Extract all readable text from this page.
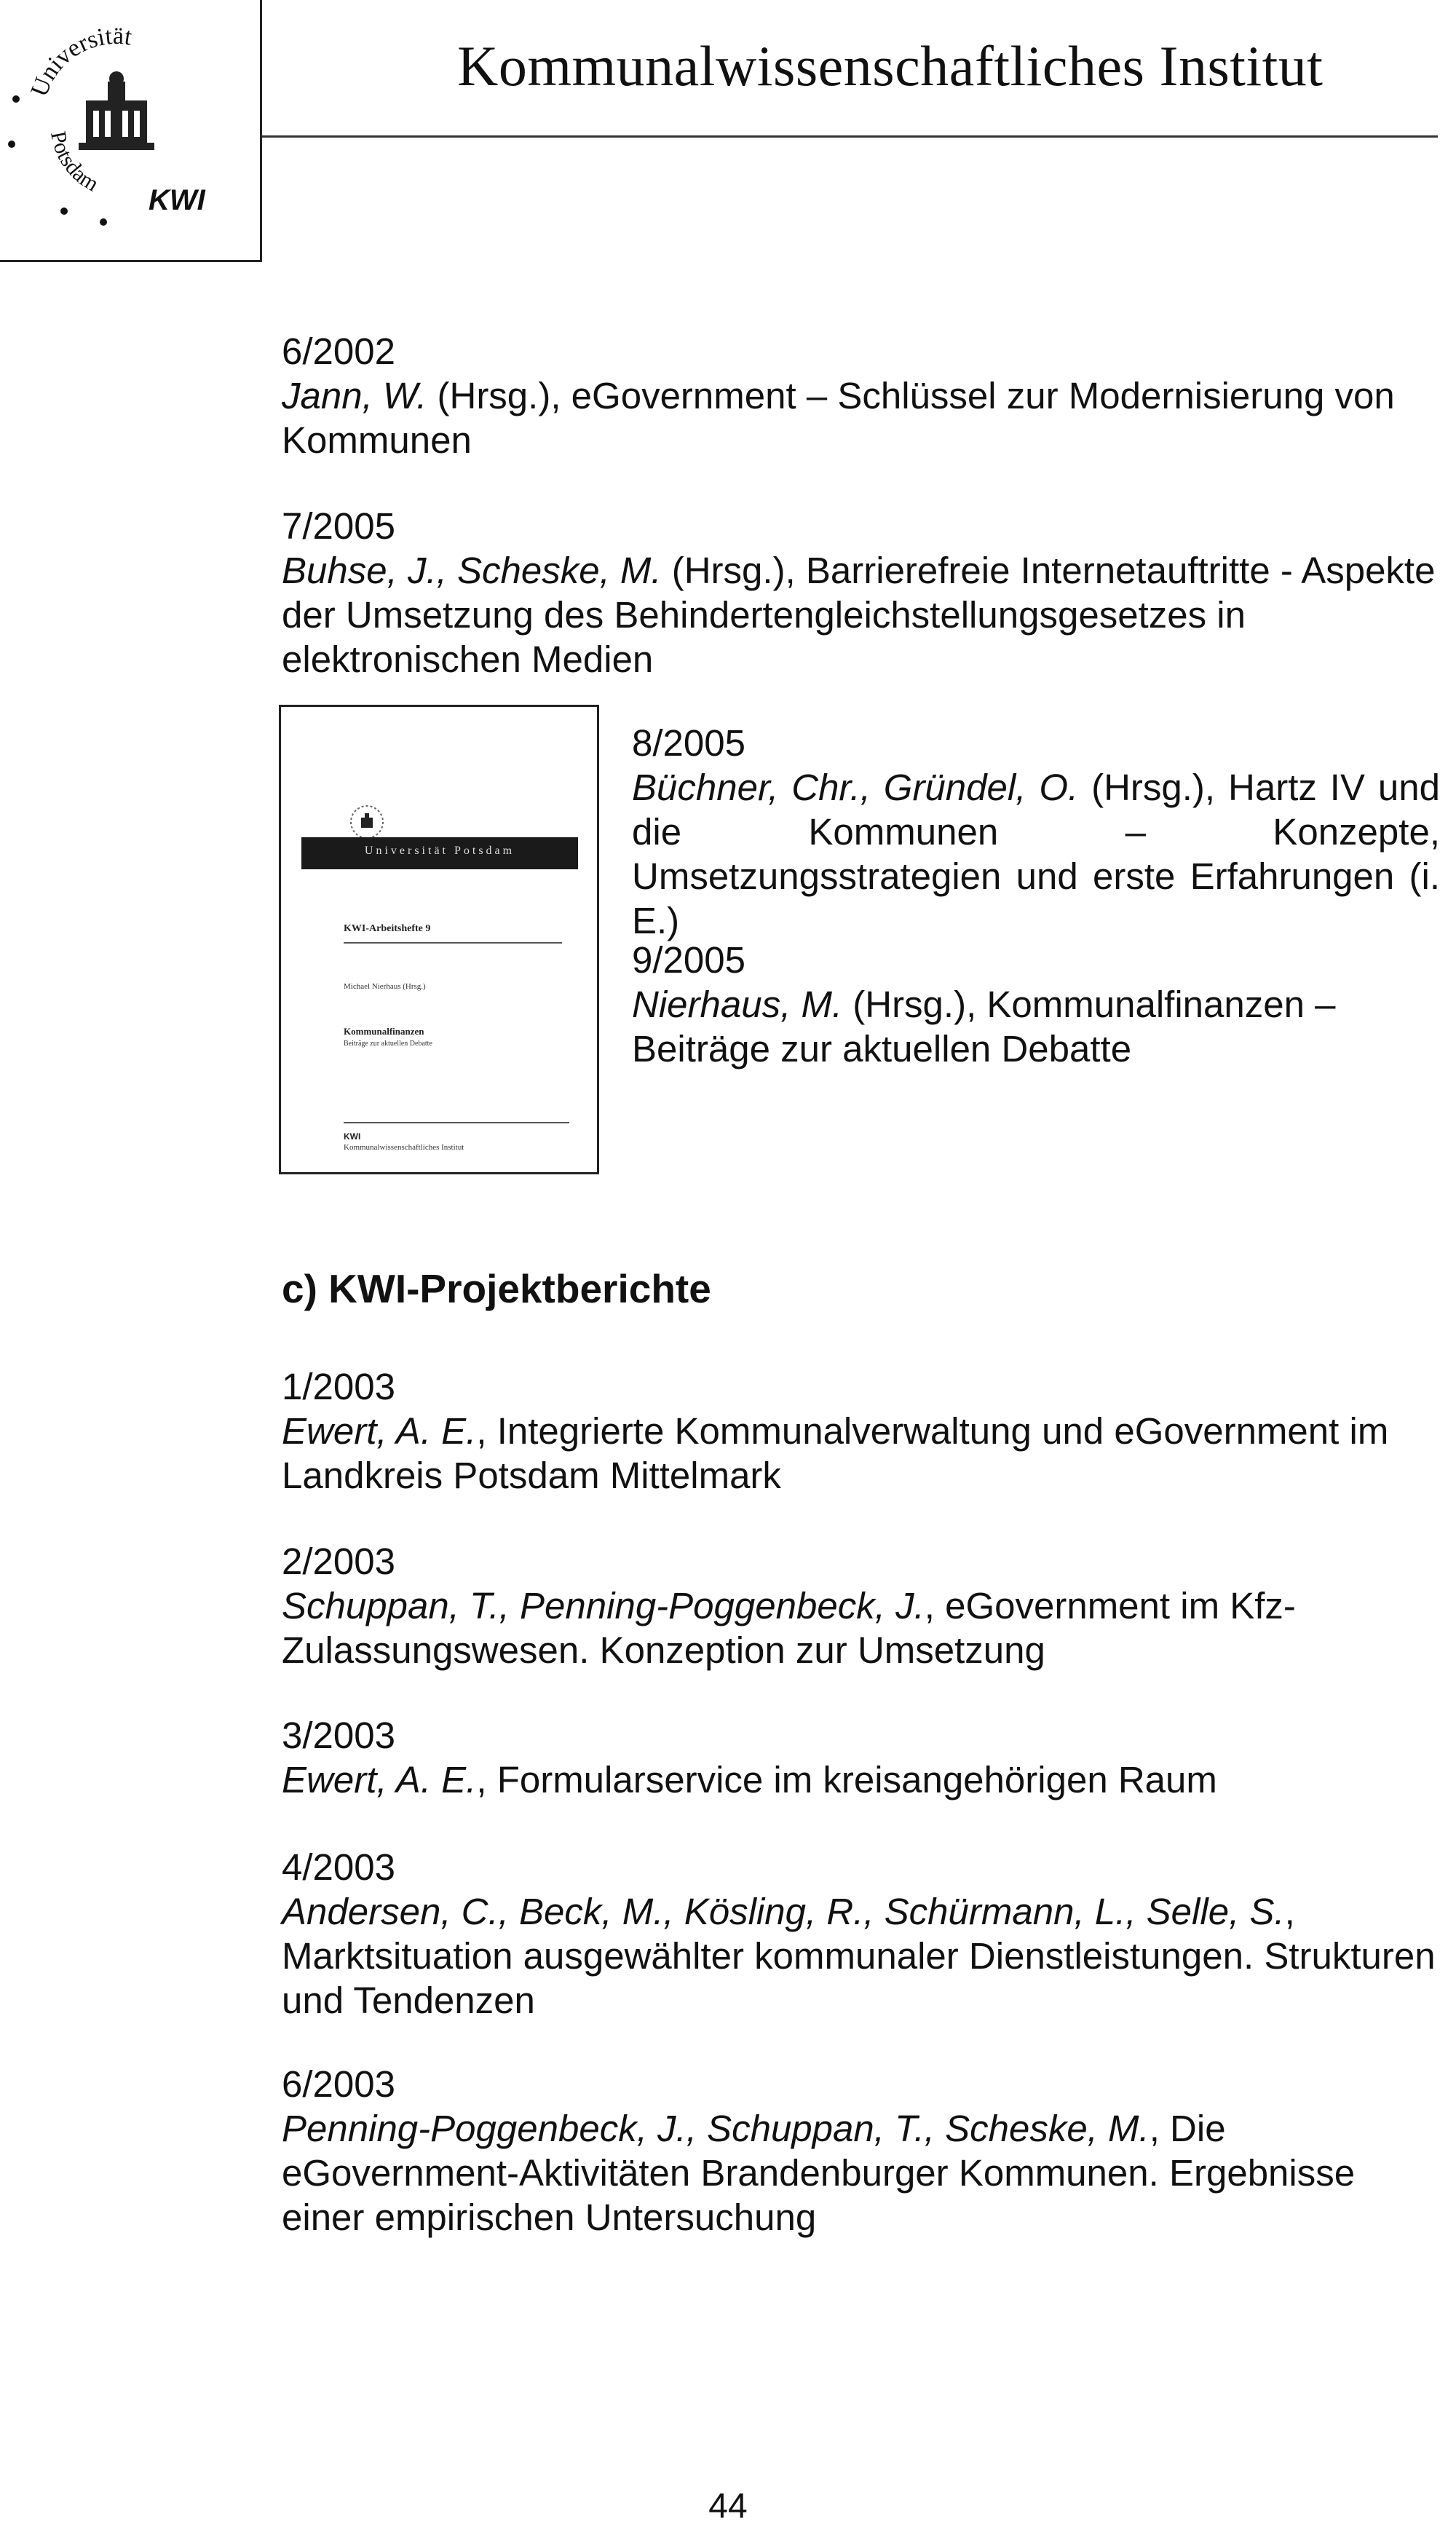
Universität
Potsdam
KWI
Kommunalwissenschaftliches Institut
6/2002
Jann, W. (Hrsg.), eGovernment – Schlüssel zur Modernisierung von Kommunen
7/2005
Buhse, J., Scheske, M. (Hrsg.), Barrierefreie Internetauftritte - Aspekte der Umsetzung des Behindertengleichstellungsgesetzes in elektronischen Medien
Universität Potsdam
KWI-Arbeitshefte 9
Michael Nierhaus (Hrsg.)
Kommunalfinanzen
Beiträge zur aktuellen Debatte
KWI
Kommunalwissenschaftliches Institut
8/2005
Büchner, Chr., Gründel, O. (Hrsg.), Hartz IV und die Kommunen – Konzepte, Umsetzungsstrategien und erste Erfahrungen (i. E.)
9/2005
Nierhaus, M. (Hrsg.), Kommunalfinanzen – Beiträge zur aktuellen Debatte
c) KWI-Projektberichte
1/2003
Ewert, A. E., Integrierte Kommunalverwaltung und eGovernment im Landkreis Potsdam Mittelmark
2/2003
Schuppan, T., Penning-Poggenbeck, J., eGovernment im Kfz-Zulassungswesen. Konzeption zur Umsetzung
3/2003
Ewert, A. E., Formularservice im kreisangehörigen Raum
4/2003
Andersen, C., Beck, M., Kösling, R., Schürmann, L., Selle, S., Marktsituation ausgewählter kommunaler Dienstleistungen. Strukturen und Tendenzen
6/2003
Penning-Poggenbeck, J., Schuppan, T., Scheske, M., Die eGovernment-Aktivitäten Brandenburger Kommunen. Ergebnisse einer empirischen Untersuchung
44
